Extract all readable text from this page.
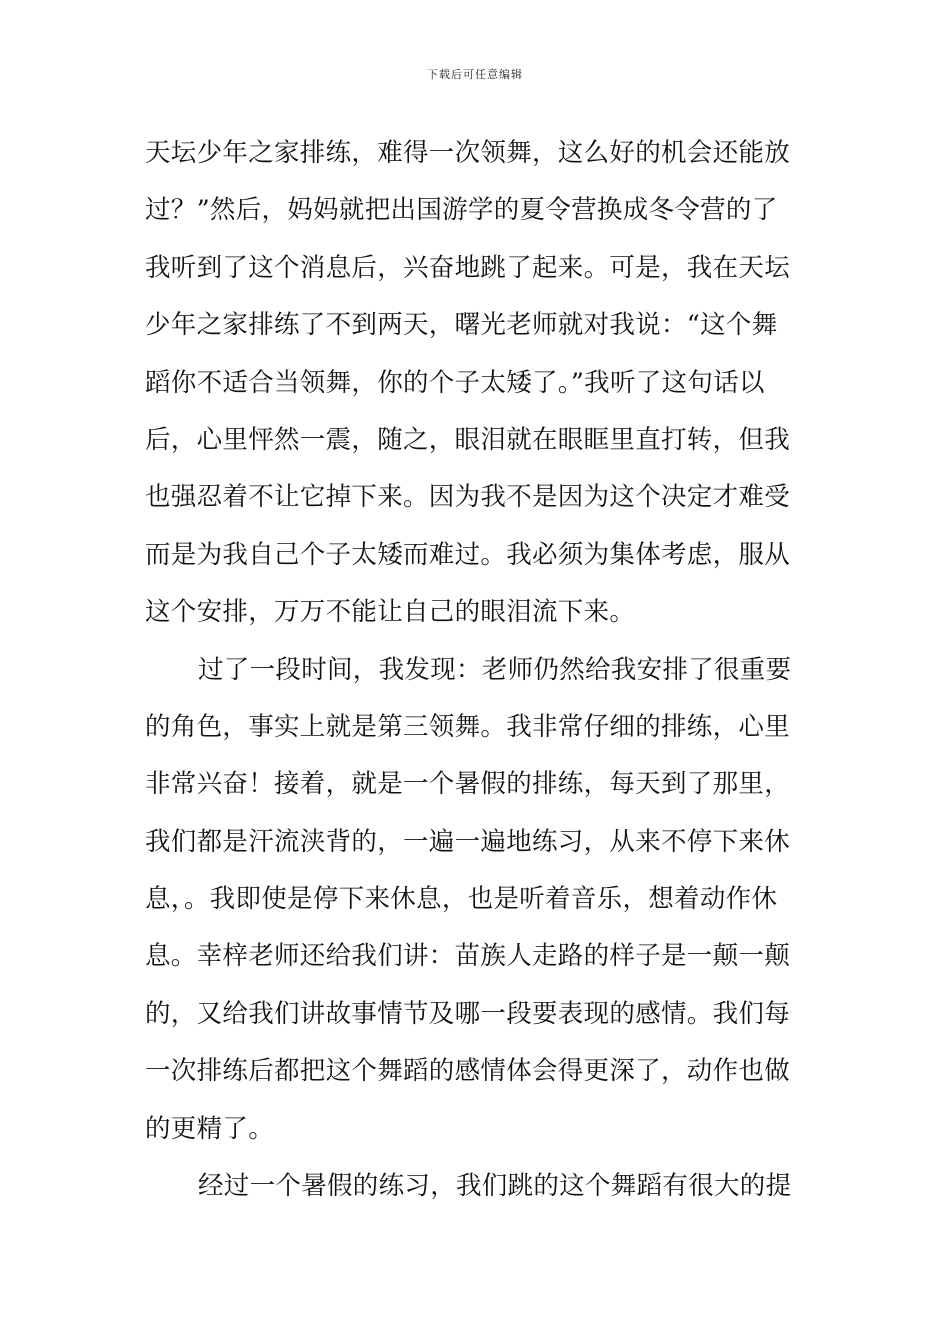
下载后可任意编辑
天坛少年之家排练，难得一次领舞，这么好的机会还能放
过？”然后，妈妈就把出国游学的夏令营换成冬令营的了
我听到了这个消息后，兴奋地跳了起来。可是，我在天坛
少年之家排练了不到两天，曙光老师就对我说：“这个舞
蹈你不适合当领舞，你的个子太矮了。”我听了这句话以
后，心里怦然一震，随之，眼泪就在眼眶里直打转，但我
也强忍着不让它掉下来。因为我不是因为这个决定才难受
而是为我自己个子太矮而难过。我必须为集体考虑，服从
这个安排，万万不能让自己的眼泪流下来。
过了一段时间，我发现：老师仍然给我安排了很重要
的角色，事实上就是第三领舞。我非常仔细的排练，心里
非常兴奋！接着，就是一个暑假的排练，每天到了那里，
我们都是汗流浃背的，一遍一遍地练习，从来不停下来休
息，。我即使是停下来休息，也是听着音乐，想着动作休
息。幸梓老师还给我们讲：苗族人走路的样子是一颠一颠
的，又给我们讲故事情节及哪一段要表现的感情。我们每
一次排练后都把这个舞蹈的感情体会得更深了，动作也做
的更精了。
经过一个暑假的练习，我们跳的这个舞蹈有很大的提
